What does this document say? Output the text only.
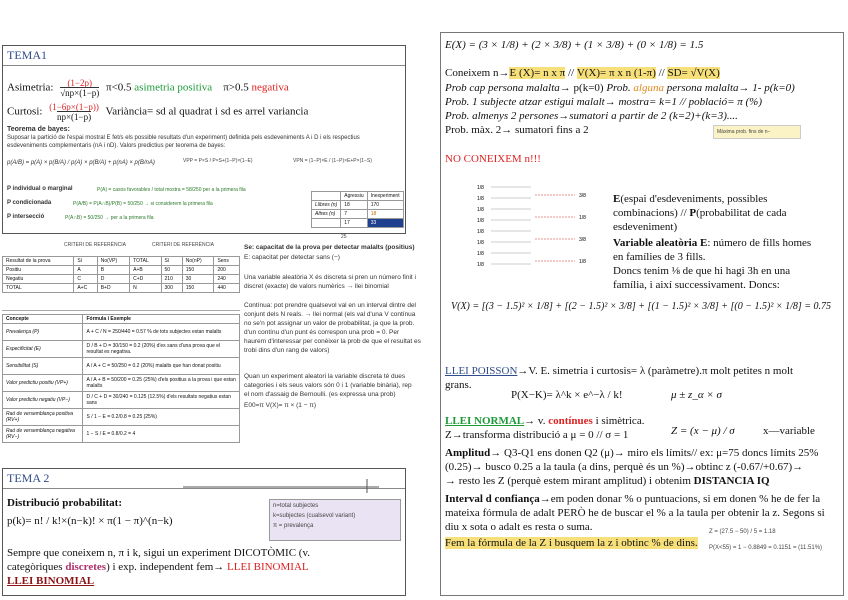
TEMA1
Asimetria: $\frac{(1-2p)}{√np\times(1-p)} \pi<0.5$ asimetria positiva π>0.5 negativa
Curtosi: $\frac{(1-6p\times(1-p))}{np\times(1-p)}$ Variància= sd al quadrat i sd es arrel variancia
Teorema de bayes:
Suposar la partició de l'espai mostral E fet/s els possible resultats d'un experiment) definida pels esdeveniments A i D i els respectius
esdeveniments complementaris (nA i nD). Valors predictius per teorema de bayes:
p(A/B) = p(A) × p(B/A) / p(A) × p(B/A) + p(nA) × p(B/nA)	VPP = P×S / P×S+(1−P)×(1−E)	VPN = (1−P)×E / (1−P)×E+P×(1−S)
P individual o marginal	P(A) = casos favorables / total mostra = 58/250 per a la primera fila
P condicionada	P(A/B) = P(A∩B)/P(B) = 50/250 → si considerem la primera fila
P intersecció	P(A∩B) = 50/250 → per a la primera fila
	Agressiu	Inexperiment
Llibres (n)	18	170
Altres (n)	7	18
	17	33
25
CRITERI DE REFERÈNCIA	CRITERI DE REFERÈNCIA
Resultat de la prova	Sí	No(VP)	TOTAL	Sí	No(nP)	Sens
Positiu	A	B	A+B	50	150	200
Negatiu	C	D	C+D	210	30	240
TOTAL	A+C	B+D	N	300	150	440
Concepte	Fórmula i Exemple
Prevalença (P)	A + C / N = 250/440 = 0.57 % de tots subjectes estan malalts
Especificitat (E)	D / B + D = 30/150 = 0.2 (20%) d'es sans d'una prova que el resultat es negativa.
Sensibilitat (S)	A / A + C = 50/250 = 0.2 (20%) malalts que han donat positiu
Valor predictiu positiu (VP+)	A / A + B = 50/200 = 0.25 (25%) d'els positius a la prova i que estan malalts
Valor predictiu negatiu (VP−)	D / C + D = 30/240 = 0.125 (12.5%) d'els resultats negatius estan sans
Raó de versemblança positiva (RV+)	S / 1 − E = 0.2/0.8 = 0.25 (25%)
Raó de versemblança negativa (RV−)	1 − S / E = 0.8/0.2 = 4
Se: capacitat de la prova per detectar malalts (positius)
E: capacitat per detectar sans (−)
Una variable aleatòria X és discreta si pren un número finit i
discret (exacte) de valors numèrics → llei binomial
Contínua: pot prendre qualsevol val en un interval dintre del
conjunt dels N reals. → llei normal (els val d'una V contínua
no se'n pot assignar un valor de probabilitat, ja que la prob.
d'un contínu d'un punt és correspon una prob = 0. Per
haurem d'interessar per conèixer la prob de que el resultat es
trobi dins d'un rang de valors)
Quan un experiment aleatori la variable discreta té dues
categories i els seus valors són 0 i 1 (variable binària), rep
el nom d'assaig de Bernoulli. (es expressa una prob)
E00=π V(X)= π × (1 − π)
TEMA 2
Distribució probabilitat:
p(k)= n! / k!×(n−k)! × π(1 − π)^(n−k)
n=total subjectes
k=subjectes (cualsevol variant)
π = prevalença
Sempre que coneixem n, π i k, sigui un experiment DICOTÒMIC (v.
categòriques discretes) i exp. independent fem→ LLEI BINOMIAL
LLEI BINOMIAL
E(X) = (3 × 1/8) + (2 × 3/8) + (1 × 3/8) + (0 × 1/8) = 1.5
Coneixem n→E (X)= n x π // V(X)= π x n (1-π) // SD= √V(X)
Prob cap persona malalta→ p(k=0) Prob. alguna persona malalta→ 1- p(k=0)
Prob. 1 subjecte atzar estigui malalt→ mostra= k=1 // població= π (%)
Prob. almenys 2 persones→sumatori a partir de 2 (k=2)+(k=3)....
Prob. màx. 2→ sumatori fins a 2	Màxima prob. fins de n−
NO CONEIXEM n!!!
1/8
1/8
1/8
1/8
1/8
1/8
1/8
1/8
3/8
1/8
3/8
1/8
E(espai d'esdeveniments, possibles
combinacions) // P(probabilitat de cada
esdeveniment)
Variable aleatòria E: número de fills homes
en famílies de 3 fills.
Doncs tenim ⅛ de que hi hagi 3h en una
família, i així successivament. Doncs:
V(X) = [(3 − 1.5)² × 1/8] + [(2 − 1.5)² × 3/8] + [(1 − 1.5)² × 3/8] + [(0 − 1.5)² × 1/8] = 0.75
LLEI POISSON→V. E. simetria i curtosis= λ (paràmetre).π molt petites n molt
grans.
P(X−K)= λ^k × e^−λ / k!	μ ± z_α × σ
LLEI NORMAL→ v. contínues i simètrica.
Z→transforma distribució a μ = 0 // σ = 1	Z = (x − μ) / σ	x—variable
Amplitud→ Q3-Q1 ens donen Q2 (μ)→ miro els límits// ex: μ=75 doncs límits 25%
(0.25)→ busco 0.25 a la taula (a dins, perquè és un %)→obtinc z (-0.67/+0.67)→
→ resto les Z (perquè estem mirant amplitud) i obtenim DISTANCIA IQ
Interval d confiança→em poden donar % o puntuacions, si em donen % he de fer la
mateixa fórmula de adalt PERÒ he de buscar el % a la taula per obtenir la z. Segons si
diu x sota o adalt es resta o suma.
Fem la fórmula de la Z i busquem la z i obtinc % de dins.
Z = (27.5 − 50) / 5 = 1.18
P(X<55) = 1 − 0.8849 = 0.1151 = (11.51%)
